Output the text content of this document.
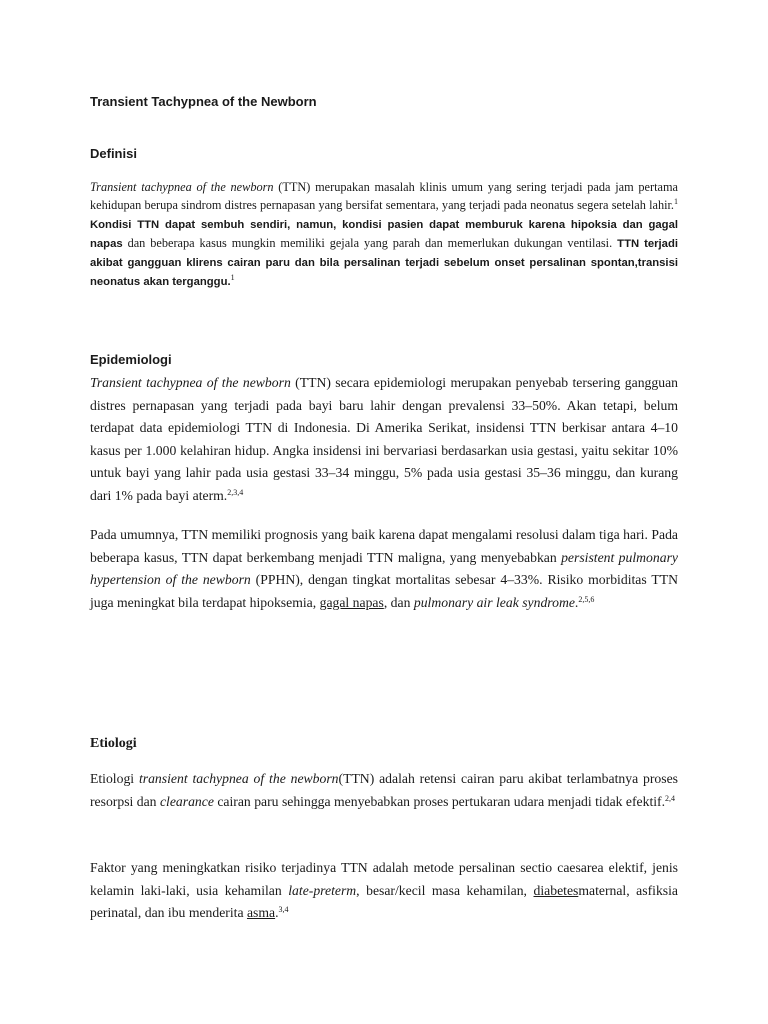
Transient Tachypnea of the Newborn
Definisi
Transient tachypnea of the newborn (TTN) merupakan masalah klinis umum yang sering terjadi pada jam pertama kehidupan berupa sindrom distres pernapasan yang bersifat sementara, yang terjadi pada neonatus segera setelah lahir.$^1$ Kondisi TTN dapat sembuh sendiri, namun, kondisi pasien dapat memburuk karena hipoksia dan gagal napas dan beberapa kasus mungkin memiliki gejala yang parah dan memerlukan dukungan ventilasi. TTN terjadi akibat gangguan klirens cairan paru dan bila persalinan terjadi sebelum onset persalinan spontan,transisi neonatus akan terganggu.$^1$
Epidemiologi
Transient tachypnea of the newborn (TTN) secara epidemiologi merupakan penyebab tersering gangguan distres pernapasan yang terjadi pada bayi baru lahir dengan prevalensi 33–50%. Akan tetapi, belum terdapat data epidemiologi TTN di Indonesia. Di Amerika Serikat, insidensi TTN berkisar antara 4–10 kasus per 1.000 kelahiran hidup. Angka insidensi ini bervariasi berdasarkan usia gestasi, yaitu sekitar 10% untuk bayi yang lahir pada usia gestasi 33–34 minggu, 5% pada usia gestasi 35–36 minggu, dan kurang dari 1% pada bayi aterm.$^{2,3,4}$
Pada umumnya, TTN memiliki prognosis yang baik karena dapat mengalami resolusi dalam tiga hari. Pada beberapa kasus, TTN dapat berkembang menjadi TTN maligna, yang menyebabkan persistent pulmonary hypertension of the newborn (PPHN), dengan tingkat mortalitas sebesar 4–33%. Risiko morbiditas TTN juga meningkat bila terdapat hipoksemia, gagal napas, dan pulmonary air leak syndrome.$^{2,5,6}$
Etiologi
Etiologi transient tachypnea of the newborn(TTN) adalah retensi cairan paru akibat terlambatnya proses resorpsi dan clearance cairan paru sehingga menyebabkan proses pertukaran udara menjadi tidak efektif.$^{2,4}$
Faktor yang meningkatkan risiko terjadinya TTN adalah metode persalinan sectio caesarea elektif, jenis kelamin laki-laki, usia kehamilan late-preterm, besar/kecil masa kehamilan, diabetesmaternal, asfiksia perinatal, dan ibu menderita asma.$^{3,4}$
